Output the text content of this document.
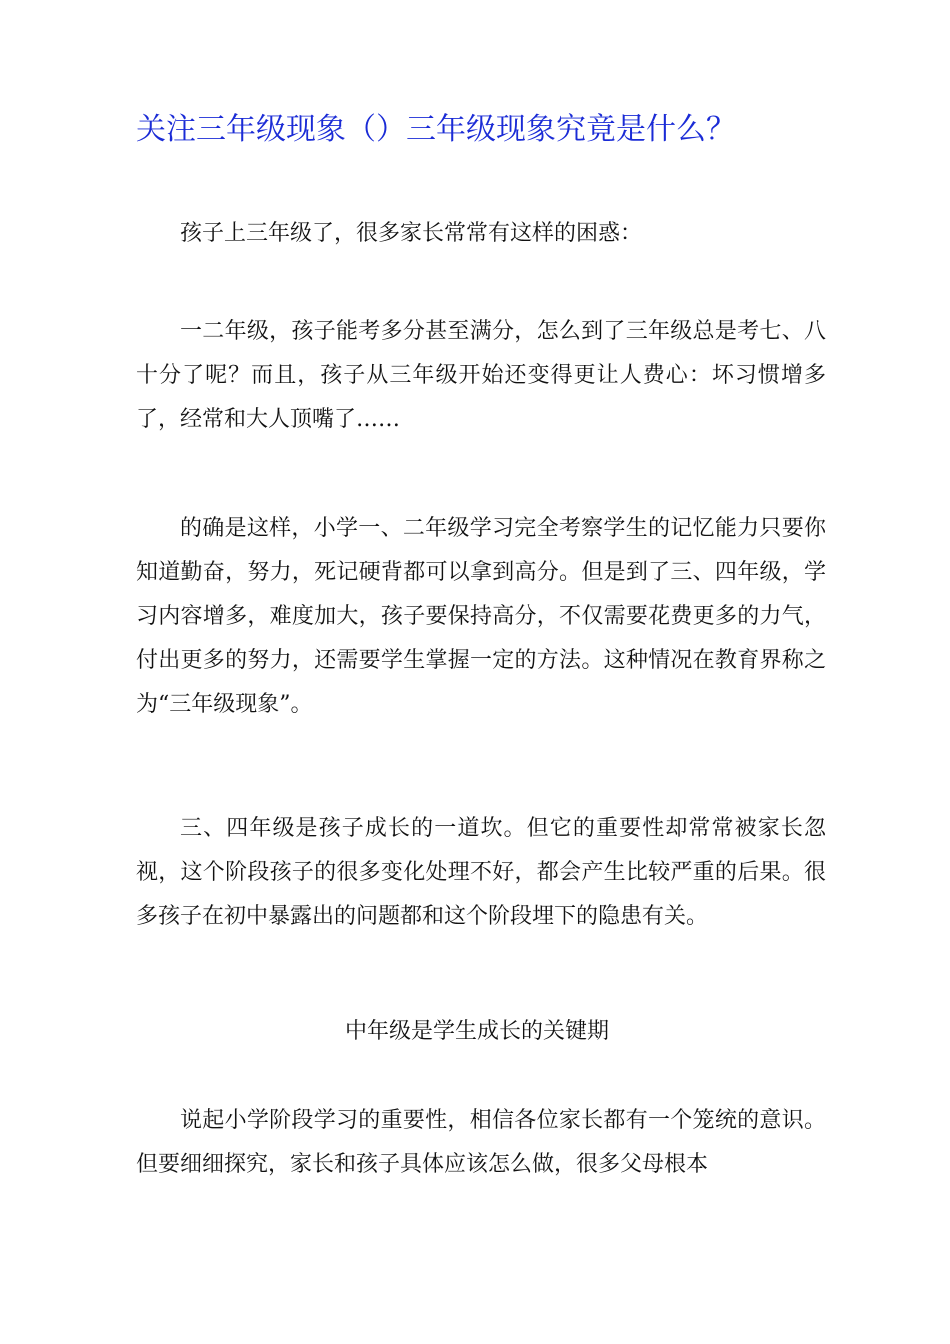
关注三年级现象（）三年级现象究竟是什么？

孩子上三年级了，很多家长常常有这样的困惑：

一二年级，孩子能考多分甚至满分，怎么到了三年级总是考七、八十分了呢？而且，孩子从三年级开始还变得更让人费心：坏习惯增多了，经常和大人顶嘴了……

的确是这样，小学一、二年级学习完全考察学生的记忆能力只要你知道勤奋，努力，死记硬背都可以拿到高分。但是到了三、四年级，学习内容增多，难度加大，孩子要保持高分，不仅需要花费更多的力气，付出更多的努力，还需要学生掌握一定的方法。这种情况在教育界称之为“三年级现象”。

三、四年级是孩子成长的一道坎。但它的重要性却常常被家长忽视，这个阶段孩子的很多变化处理不好，都会产生比较严重的后果。很多孩子在初中暴露出的问题都和这个阶段埋下的隐患有关。

中年级是学生成长的关键期

说起小学阶段学习的重要性，相信各位家长都有一个笼统的意识。但要细细探究，家长和孩子具体应该怎么做，很多父母根本
